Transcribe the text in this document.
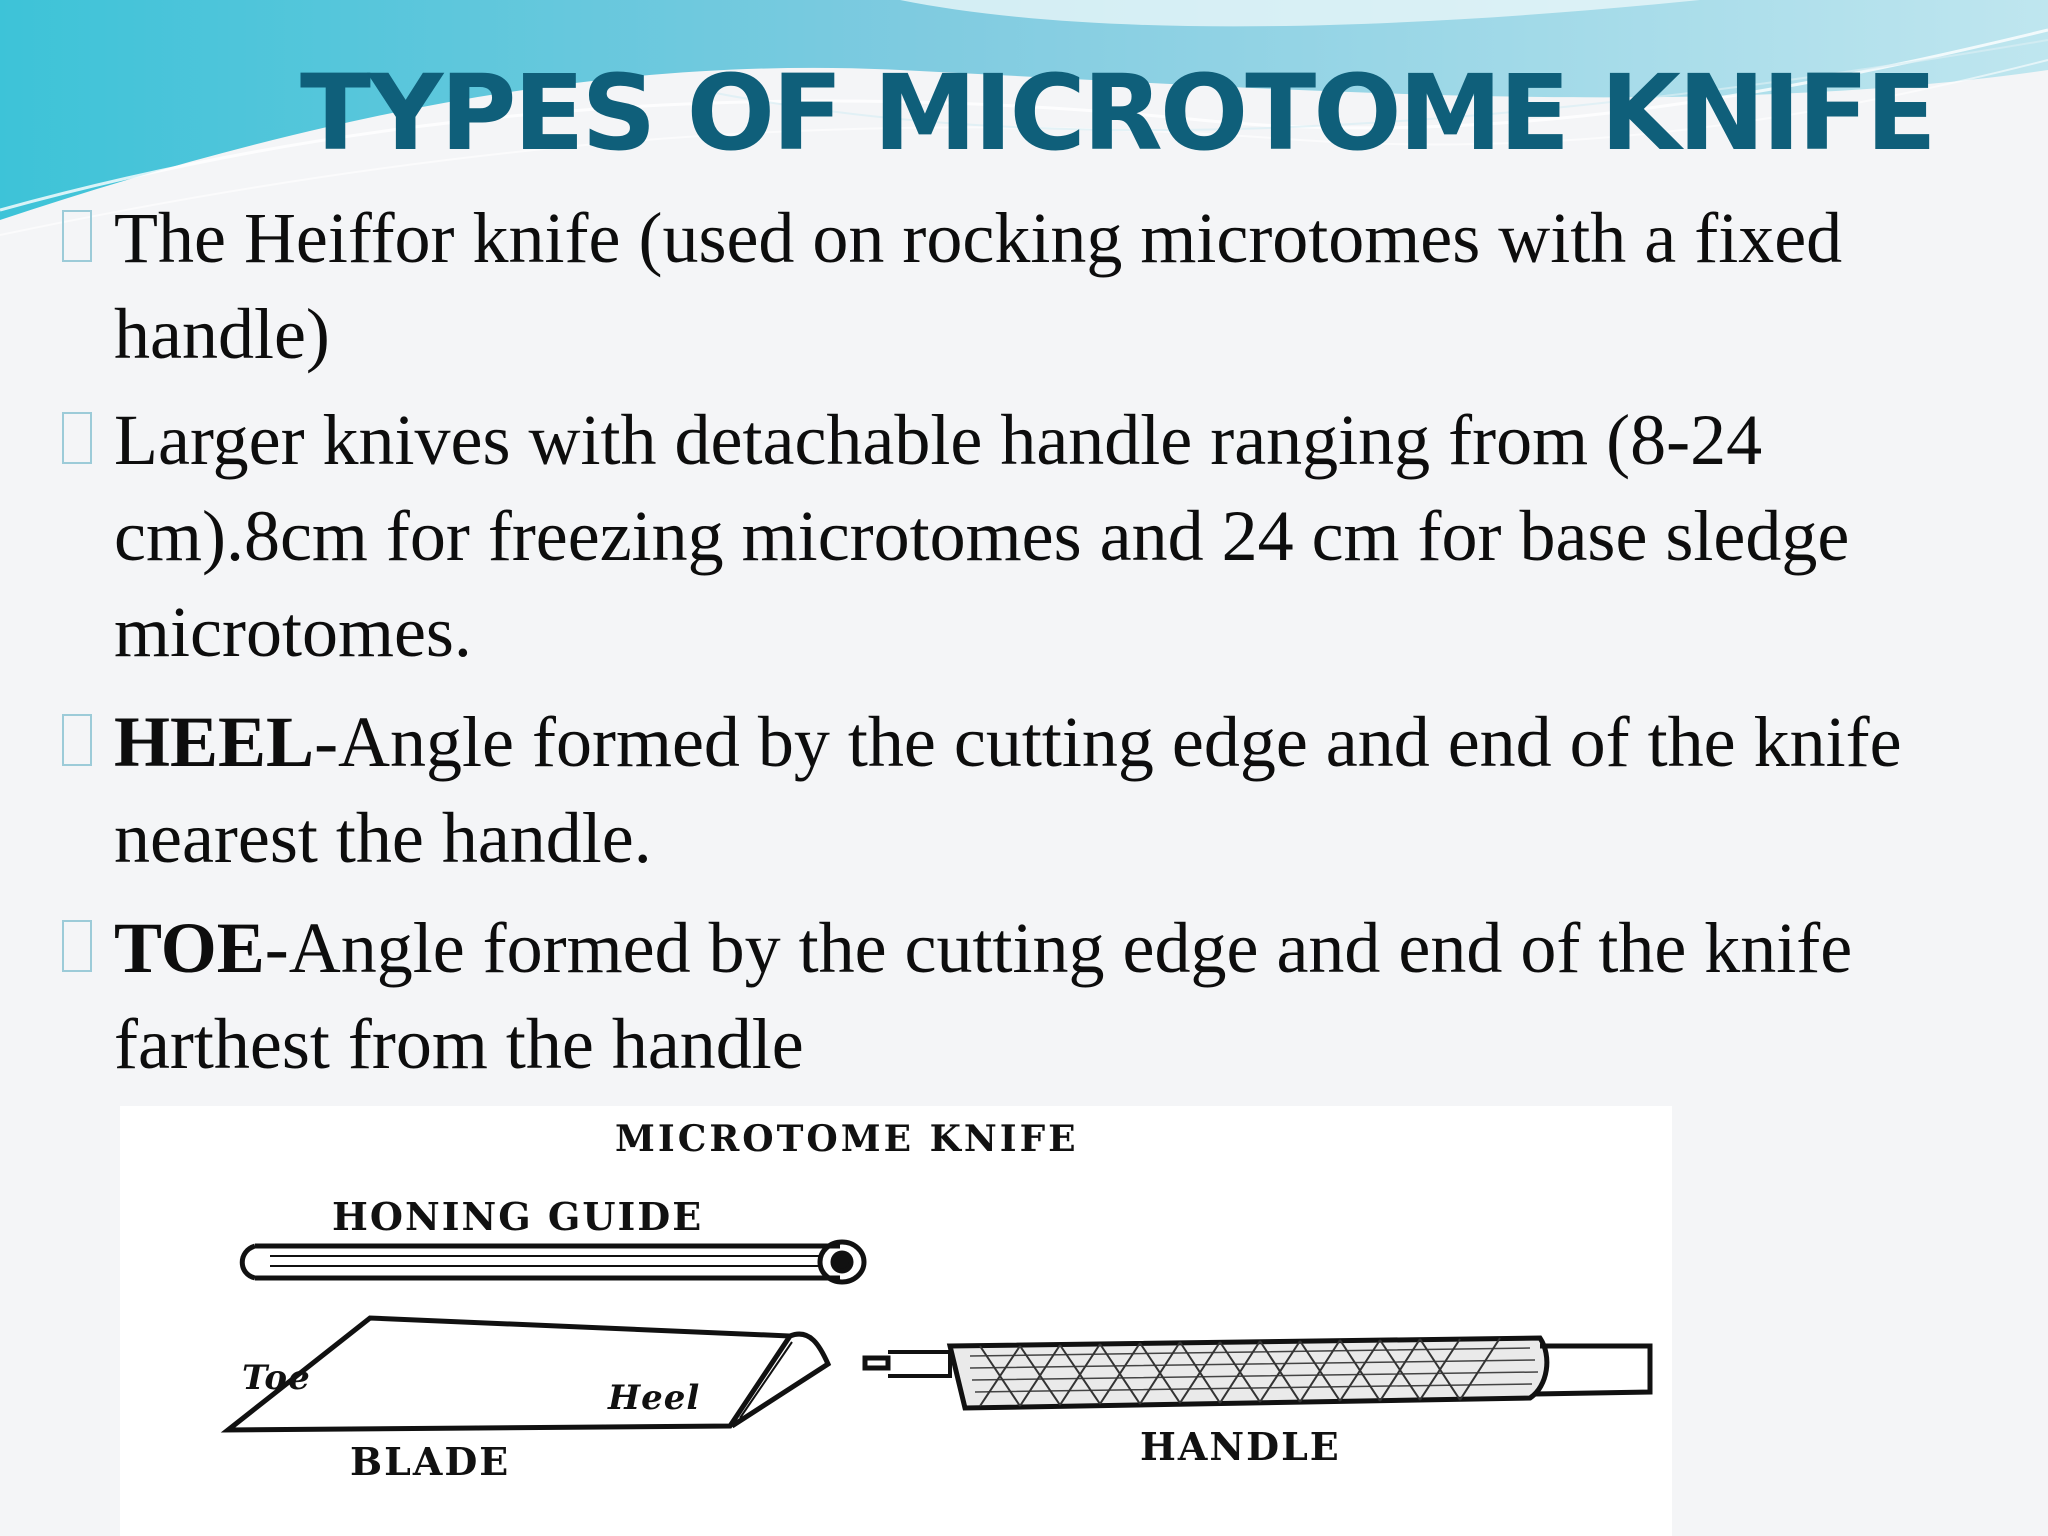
TYPES OF MICROTOME KNIFE
The Heiffor knife (used on rocking microtomes with a fixed handle)
Larger knives with detachable handle ranging from (8-24 cm).8cm for freezing microtomes and 24 cm for base sledge microtomes.
HEEL-Angle formed by the cutting edge and end of the knife nearest the handle.
TOE-Angle formed by the cutting edge and end of the knife farthest from the handle

MICROTOME KNIFE

HONING GUIDE

Toe	Heel

BLADE	HANDLE
